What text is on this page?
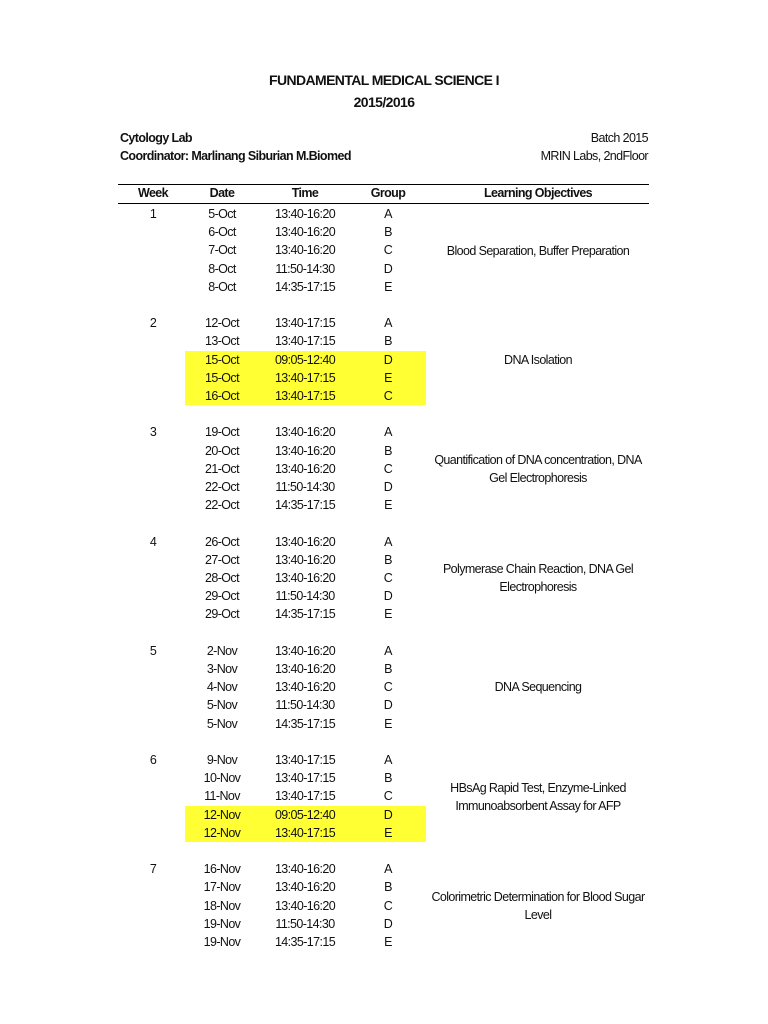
FUNDAMENTAL MEDICAL SCIENCE I
2015/2016
Cytology Lab
Coordinator: Marlinang Siburian M.Biomed
Batch 2015
MRIN Labs, 2ndFloor
Week	Date	Time	Group	Learning Objectives
1	5-Oct	13:40-16:20	A
6-Oct	13:40-16:20	B
7-Oct	13:40-16:20	C
8-Oct	11:50-14:30	D
8-Oct	14:35-17:15	E
Blood Separation, Buffer Preparation
2	12-Oct	13:40-17:15	A
13-Oct	13:40-17:15	B
15-Oct	09:05-12:40	D
15-Oct	13:40-17:15	E
16-Oct	13:40-17:15	C
DNA Isolation
3	19-Oct	13:40-16:20	A
20-Oct	13:40-16:20	B
21-Oct	13:40-16:20	C
22-Oct	11:50-14:30	D
22-Oct	14:35-17:15	E
Quantification of DNA concentration, DNA
Gel Electrophoresis
4	26-Oct	13:40-16:20	A
27-Oct	13:40-16:20	B
28-Oct	13:40-16:20	C
29-Oct	11:50-14:30	D
29-Oct	14:35-17:15	E
Polymerase Chain Reaction, DNA Gel
Electrophoresis
5	2-Nov	13:40-16:20	A
3-Nov	13:40-16:20	B
4-Nov	13:40-16:20	C
5-Nov	11:50-14:30	D
5-Nov	14:35-17:15	E
DNA Sequencing
6	9-Nov	13:40-17:15	A
10-Nov	13:40-17:15	B
11-Nov	13:40-17:15	C
12-Nov	09:05-12:40	D
12-Nov	13:40-17:15	E
HBsAg Rapid Test, Enzyme-Linked
Immunoabsorbent Assay for AFP
7	16-Nov	13:40-16:20	A
17-Nov	13:40-16:20	B
18-Nov	13:40-16:20	C
19-Nov	11:50-14:30	D
19-Nov	14:35-17:15	E
Colorimetric Determination for Blood Sugar
Level
